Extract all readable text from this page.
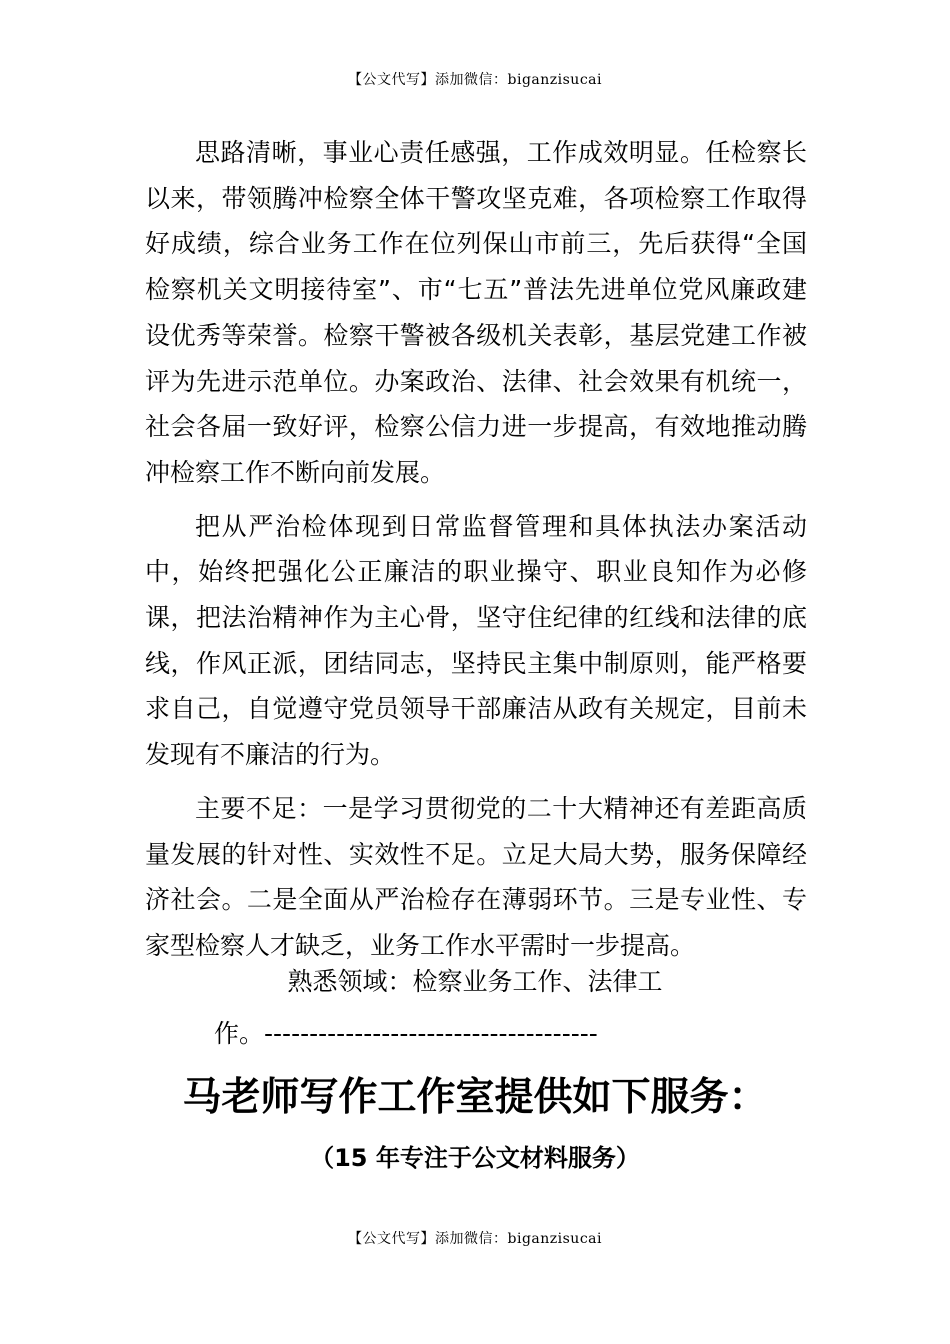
【公文代写】添加微信：biganzisucai

思路清晰，事业心责任感强，工作成效明显。任检察长以来，带领腾冲检察全体干警攻坚克难，各项检察工作取得好成绩，综合业务工作在位列保山市前三，先后获得“全国检察机关文明接待室”、市“七五”普法先进单位党风廉政建设优秀等荣誉。检察干警被各级机关表彰，基层党建工作被评为先进示范单位。办案政治、法律、社会效果有机统一，社会各届一致好评，检察公信力进一步提高，有效地推动腾冲检察工作不断向前发展。

把从严治检体现到日常监督管理和具体执法办案活动中，始终把强化公正廉洁的职业操守、职业良知作为必修课，把法治精神作为主心骨，坚守住纪律的红线和法律的底线，作风正派，团结同志，坚持民主集中制原则，能严格要求自己，自觉遵守党员领导干部廉洁从政有关规定，目前未发现有不廉洁的行为。

主要不足：一是学习贯彻党的二十大精神还有差距高质量发展的针对性、实效性不足。立足大局大势，服务保障经济社会。二是全面从严治检存在薄弱环节。三是专业性、专家型检察人才缺乏，业务工作水平需时一步提高。

熟悉领域：检察业务工作、法律工
作。-------------------------------------
马老师写作工作室提供如下服务：
（15 年专注于公文材料服务）
【公文代写】添加微信：biganzisucai
